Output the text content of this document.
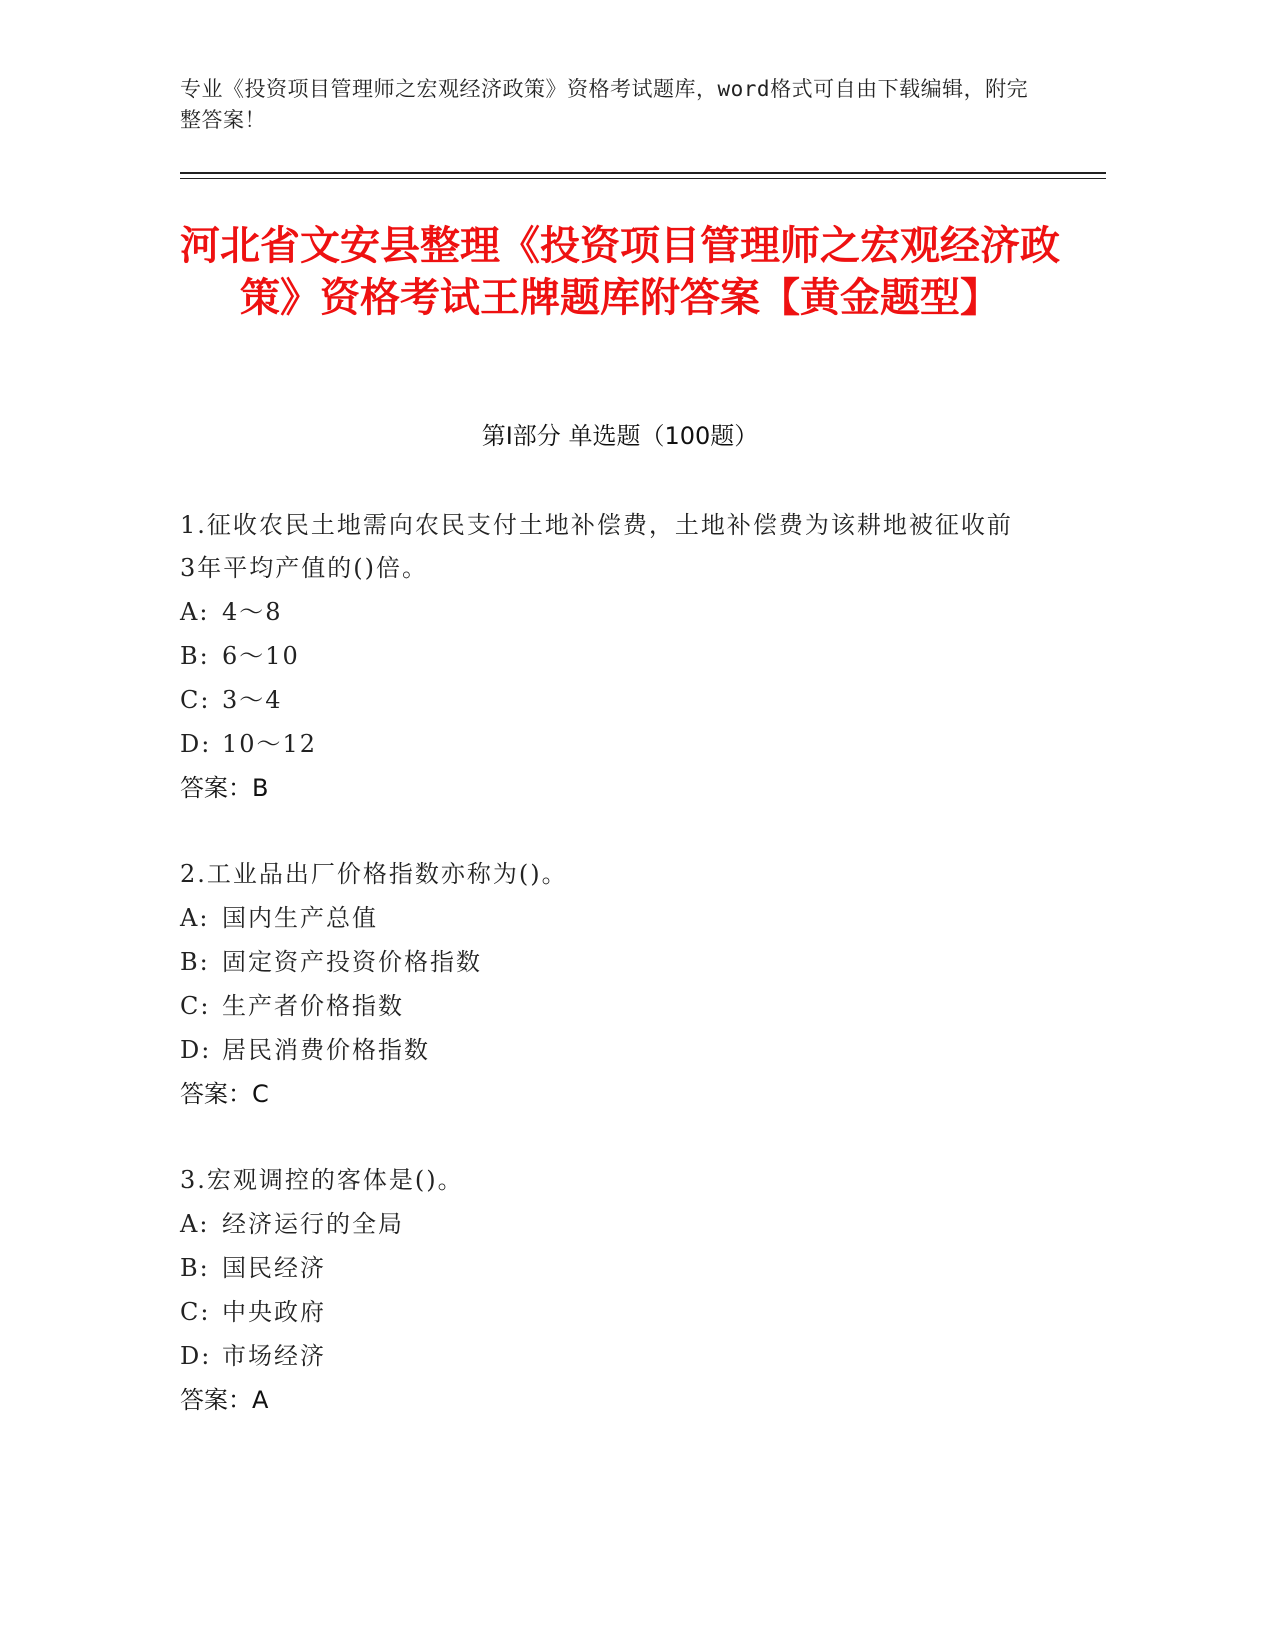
专业《投资项目管理师之宏观经济政策》资格考试题库，word格式可自由下载编辑，附完整答案！
河北省文安县整理《投资项目管理师之宏观经济政策》资格考试王牌题库附答案【黄金题型】
第Ⅰ部分 单选题（100题）
1.征收农民土地需向农民支付土地补偿费，土地补偿费为该耕地被征收前3年平均产值的()倍。
A: 4～8
B: 6～10
C: 3～4
D: 10～12
答案：B
2.工业品出厂价格指数亦称为()。
A: 国内生产总值
B: 固定资产投资价格指数
C: 生产者价格指数
D: 居民消费价格指数
答案：C
3.宏观调控的客体是()。
A: 经济运行的全局
B: 国民经济
C: 中央政府
D: 市场经济
答案：A
